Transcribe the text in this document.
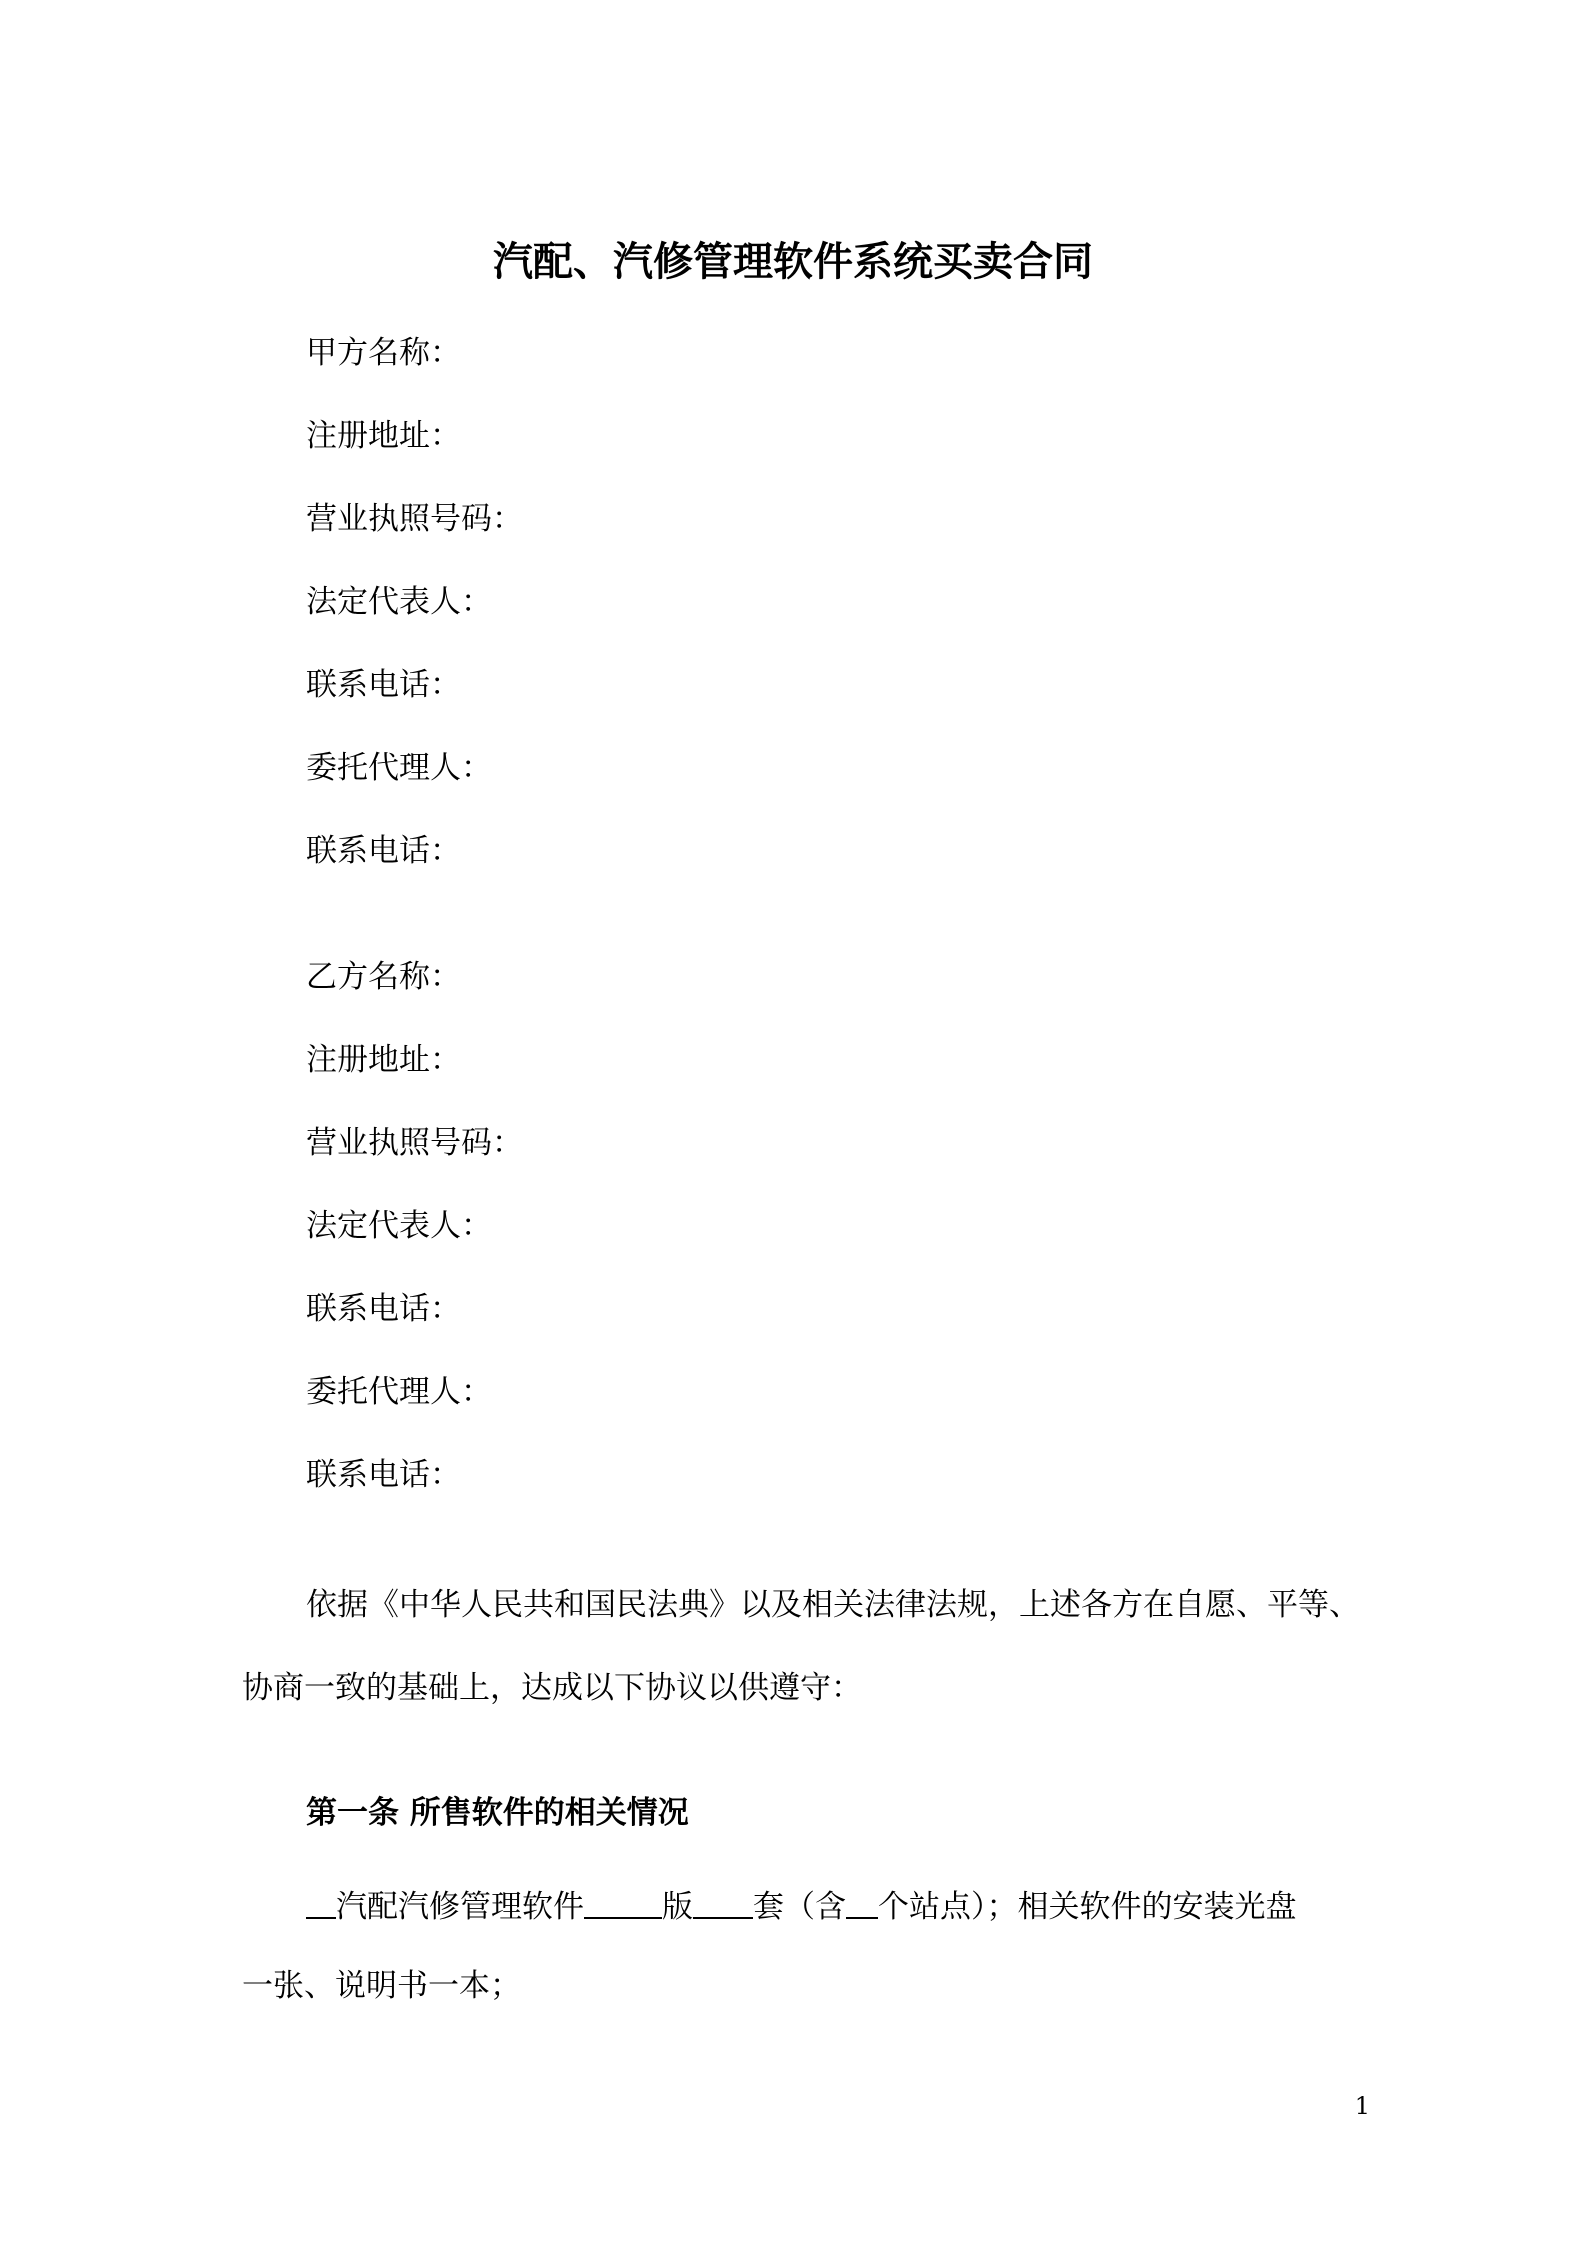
汽配、汽修管理软件系统买卖合同
甲方名称：
注册地址：
营业执照号码：
法定代表人：
联系电话：
委托代理人：
联系电话：
乙方名称：
注册地址：
营业执照号码：
法定代表人：
联系电话：
委托代理人：
联系电话：
依据《中华人民共和国民法典》以及相关法律法规，上述各方在自愿、平等、
协商一致的基础上，达成以下协议以供遵守：
第一条 所售软件的相关情况
汽配汽修管理软件	版 套（含 个站点）；相关软件的安装光盘
一张、说明书一本；
1
